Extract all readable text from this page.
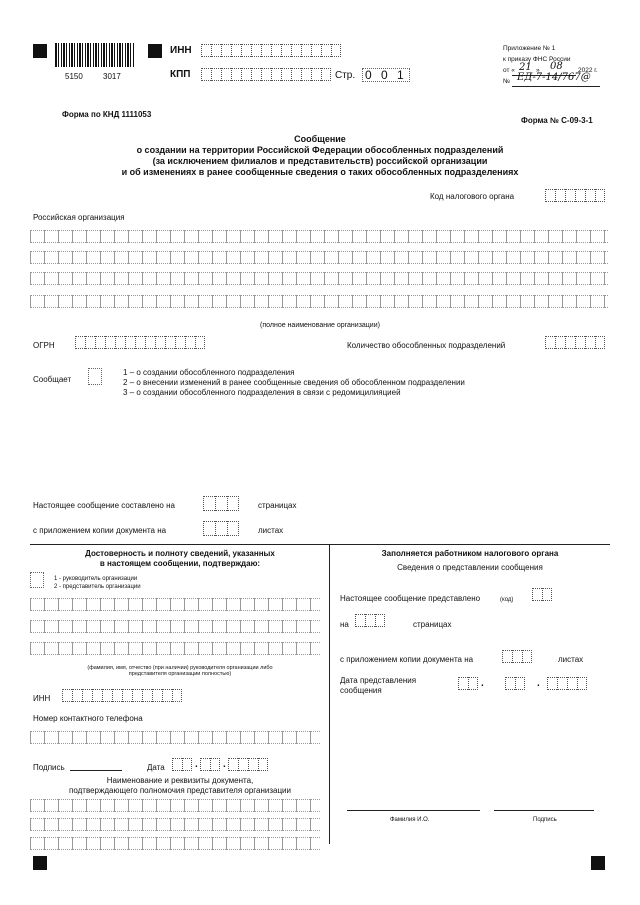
5150	3017
ИНН
КПП	Стр. 0 0 1
Приложение № 1
к приказу ФНС России
от « 21 » 08 2022 г.
№ ЕД-7-14/767@
Форма по КНД 1111053
Форма № С-09-3-1
Сообщение
о создании на территории Российской Федерации обособленных подразделений
(за исключением филиалов и представительств) российской организации
и об изменениях в ранее сообщенные сведения о таких обособленных подразделениях
Код налогового органа
Российская организация
(полное наименование организации)
ОГРН	Количество обособленных подразделений
Сообщает
1 – о создании обособленного подразделения
2 – о внесении изменений в ранее сообщенные сведения об обособленном подразделении
3 – о создании обособленного подразделения в связи с редомицилияцией
Настоящее сообщение составлено на	страницах
с приложением копии документа на	листах
Достоверность и полноту сведений, указанных
в настоящем сообщении, подтверждаю:
1 - руководитель организации
2 - представитель организации
(фамилия, имя, отчество (при наличии) руководителя организации либо
представителя организации полностью)
ИНН
Номер контактного телефона
Подпись	Дата	.	.
Наименование и реквизиты документа,
подтверждающего полномочия представителя организации
Заполняется работником налогового органа
Сведения о представлении сообщения
Настоящее сообщение представлено	(код)
на	страницах
с приложением копии документа на	листах
Дата представления
сообщения
.	.
Фамилия И.О.	Подпись
